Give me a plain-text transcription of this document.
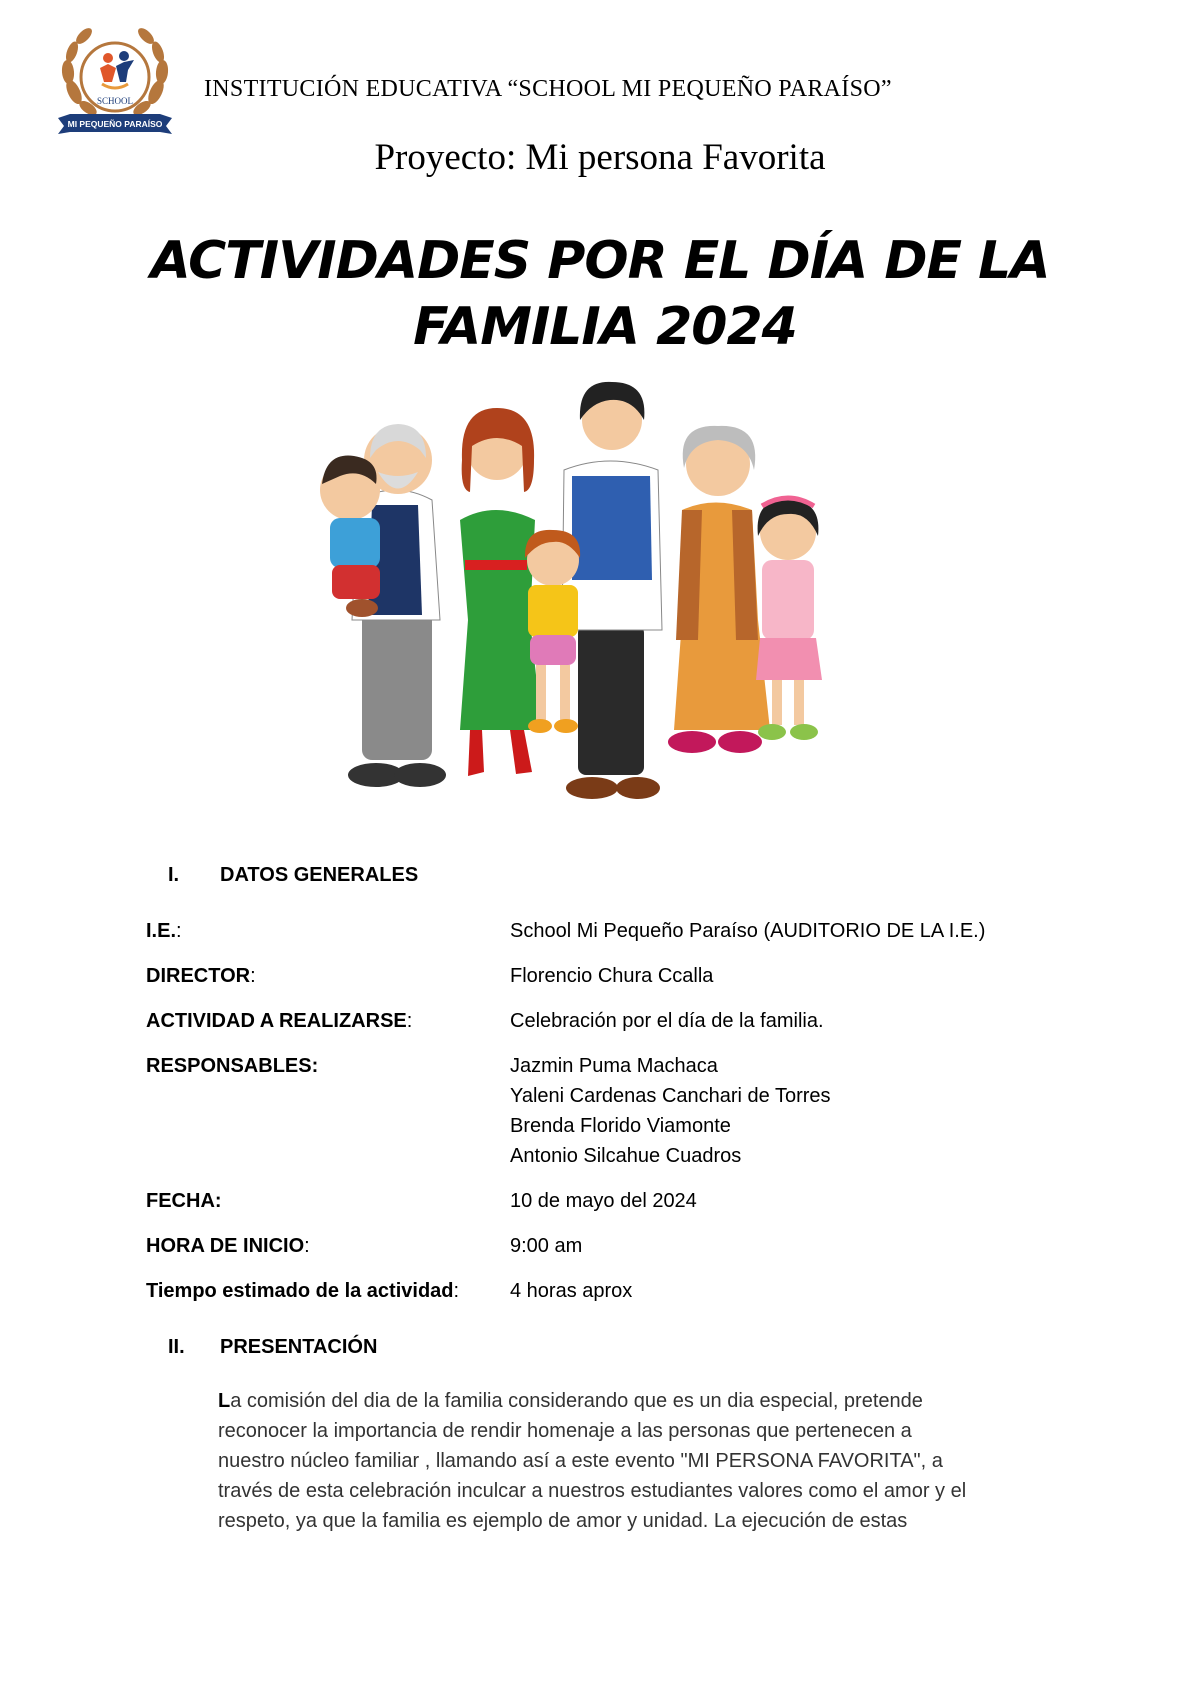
SCHOOL
MI PEQUEÑO PARAÍSO
INSTITUCIÓN EDUCATIVA “SCHOOL MI PEQUEÑO PARAÍSO”
Proyecto: Mi persona Favorita
ACTIVIDADES POR EL DÍA DE LA

FAMILIA 2024
I. DATOS GENERALES
I.E.:	School Mi Pequeño Paraíso (AUDITORIO DE LA I.E.)
DIRECTOR:	Florencio Chura Ccalla
ACTIVIDAD A REALIZARSE:	Celebración por el día de la familia.
RESPONSABLES:	Jazmin Puma Machaca
Yaleni Cardenas Canchari de Torres
Brenda Florido Viamonte
Antonio Silcahue Cuadros
FECHA:	10 de mayo del 2024
HORA DE INICIO:	9:00 am
Tiempo estimado de la actividad:	4 horas aprox
II. PRESENTACIÓN
La comisión del dia de la familia considerando que es un dia especial, pretende
reconocer la importancia de rendir homenaje a las personas que pertenecen a
nuestro núcleo familiar , llamando así a este evento "MI PERSONA FAVORITA", a
través de esta celebración inculcar a nuestros estudiantes valores como el amor y el
respeto, ya que la familia es ejemplo de amor y unidad. La ejecución de estas
